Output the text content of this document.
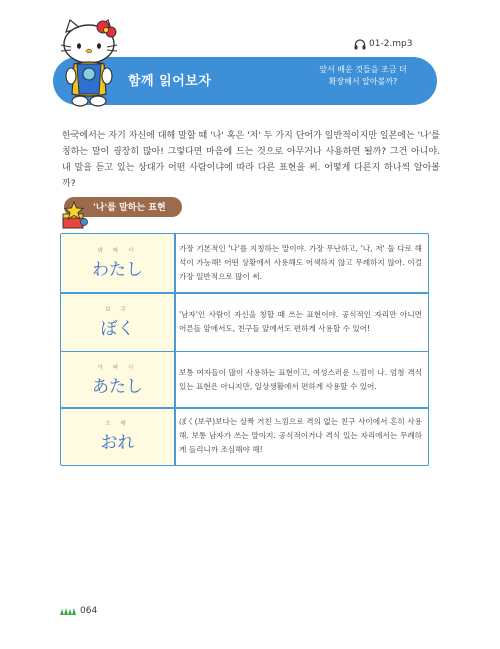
01-2.mp3
함께 읽어보자
앞서 배운 것들을 조금 더
확장해서 알아볼까?

한국에서는 자기 자신에 대해 말할 때 '나' 혹은 '저' 두 가지 단어가 일반적이지만 일본에는 '나'를 칭하는 말이 굉장히 많아! 그렇다면 마음에 드는 것으로 아무거나 사용하면 될까? 그건 아니야. 내 말을 듣고 있는 상대가 어떤 사람이냐에 따라 다른 표현을 써. 어떻게 다른지 하나씩 알아볼까?

'나'를 말하는 표현
와 따 시
わたし

가장 기본적인 '나'를 지칭하는 말이야. 가장 무난하고, '나, 저' 둘 다로 해석이 가능해! 어떤 상황에서 사용해도 어색하지 않고 무례하지 않아. 이걸 가장 일반적으로 많이 써.

보 쿠
ぼく

'남자'인 사람이 자신을 칭할 때 쓰는 표현이야. 공식적인 자리만 아니면 어른들 앞에서도, 친구들 앞에서도 편하게 사용할 수 있어!

아 따 시
あたし

보통 여자들이 많이 사용하는 표현이고, 여성스러운 느낌이 나. 엄청 격식 있는 표현은 아니지만, 일상생활에서 편하게 사용할 수 있어.

오 레
おれ

ぼく(보쿠)보다는 살짝 거친 느낌으로 격의 없는 친구 사이에서 흔히 사용해. 보통 남자가 쓰는 말이지. 공식적이거나 격식 있는 자리에서는 무례하게 들리니까 조심해야 해!

064
